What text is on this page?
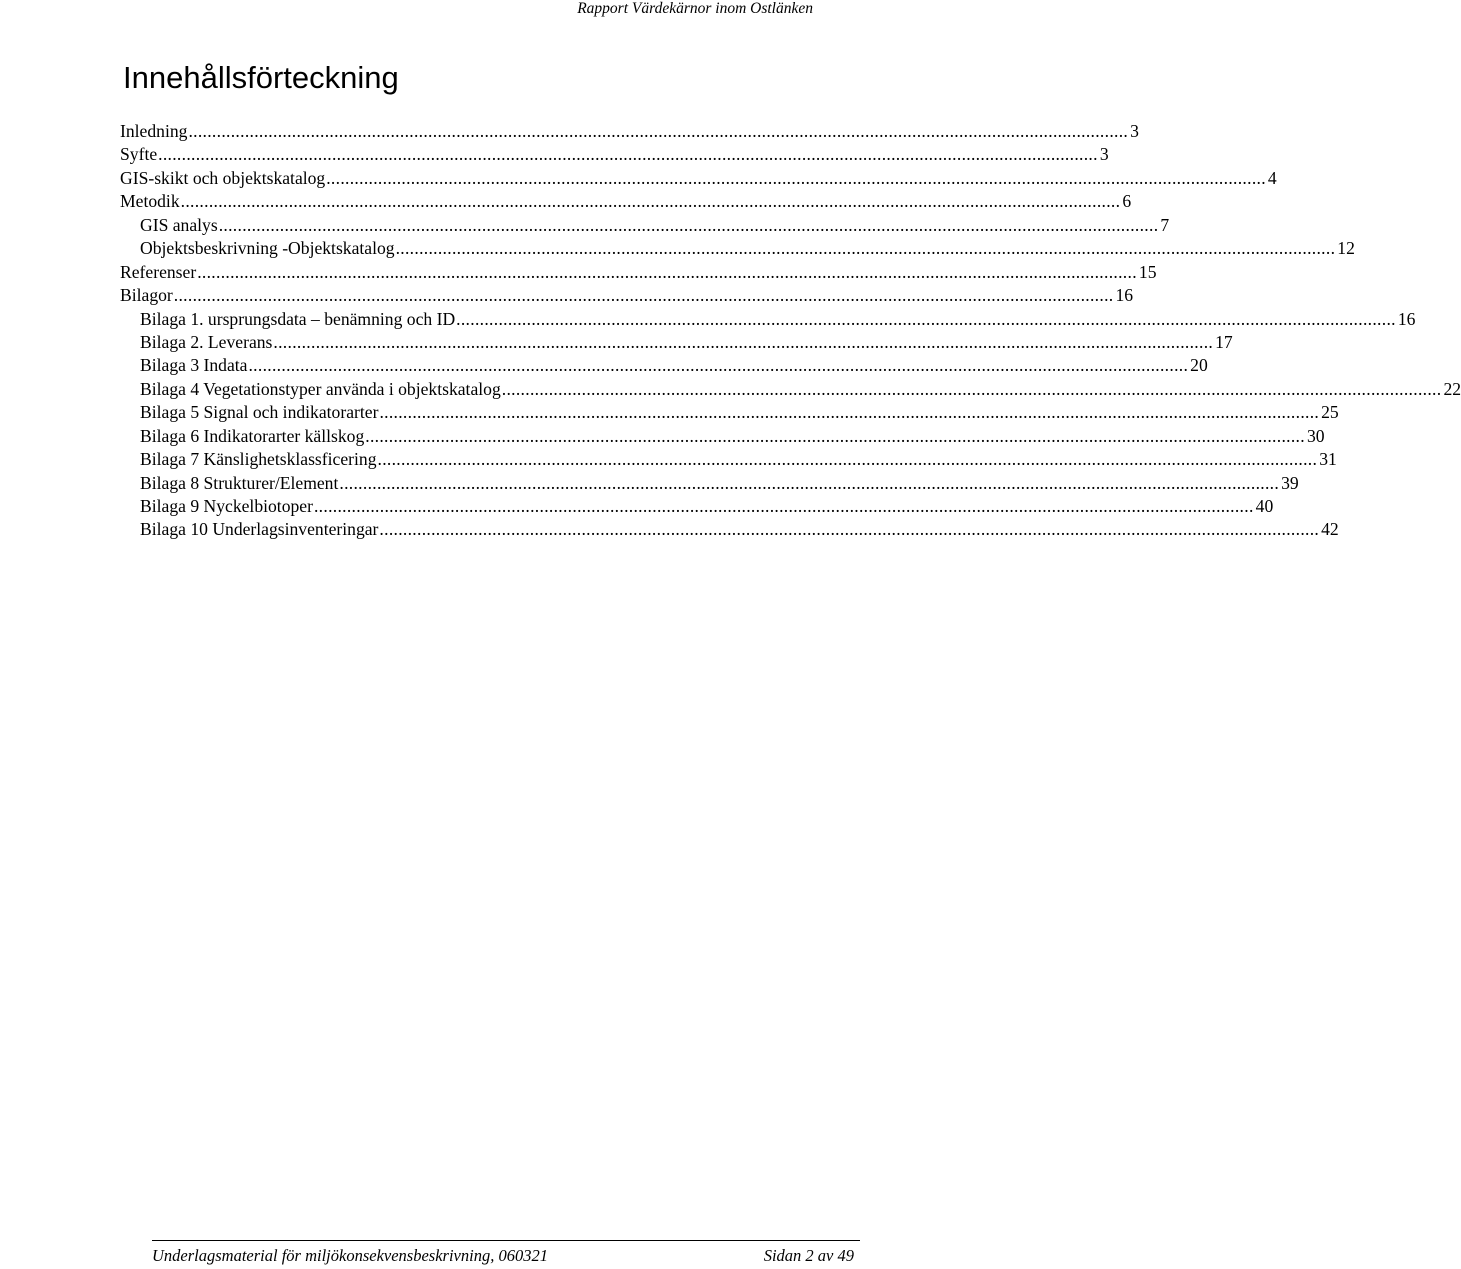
Rapport Värdekärnor inom Ostlänken
Innehållsförteckning
Inledning ........................................................................................................................................................................................................ 3
Syfte ........................................................................................................................................................................................................ 3
GIS-skikt och objektskatalog ........................................................................................................................................................................................................ 4
Metodik ........................................................................................................................................................................................................ 6
GIS analys ........................................................................................................................................................................................................ 7
Objektsbeskrivning -Objektskatalog ........................................................................................................................................................................................................ 12
Referenser ........................................................................................................................................................................................................ 15
Bilagor ........................................................................................................................................................................................................ 16
Bilaga 1. ursprungsdata – benämning och ID ........................................................................................................................................................................................................ 16
Bilaga 2. Leverans ........................................................................................................................................................................................................ 17
Bilaga 3 Indata ........................................................................................................................................................................................................ 20
Bilaga 4 Vegetationstyper använda i objektskatalog ........................................................................................................................................................................................................ 22
Bilaga 5 Signal och indikatorarter ........................................................................................................................................................................................................ 25
Bilaga 6 Indikatorarter källskog ........................................................................................................................................................................................................ 30
Bilaga 7 Känslighetsklassficering ........................................................................................................................................................................................................ 31
Bilaga 8 Strukturer/Element ........................................................................................................................................................................................................ 39
Bilaga 9 Nyckelbiotoper ........................................................................................................................................................................................................ 40
Bilaga 10 Underlagsinventeringar ........................................................................................................................................................................................................ 42
Underlagsmaterial för miljökonsekvensbeskrivning, 060321	Sidan 2 av 49
